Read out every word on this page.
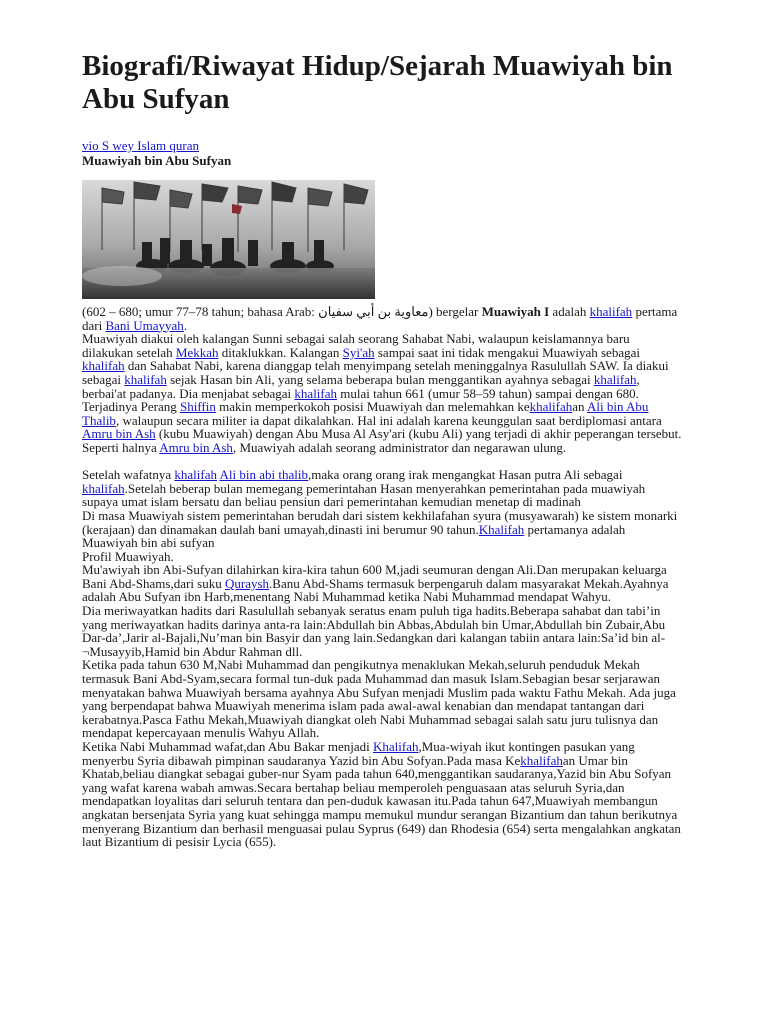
Biografi/Riwayat Hidup/Sejarah Muawiyah bin Abu Sufyan

vio S wey Islam quran

Muawiyah bin Abu Sufyan

(602 – 680; umur 77–78 tahun; bahasa Arab: معاوية بن أبي سفيان) bergelar Muawiyah I adalah khalifah pertama dari Bani Umayyah.

Muawiyah diakui oleh kalangan Sunni sebagai salah seorang Sahabat Nabi, walaupun keislamannya baru dilakukan setelah Mekkah ditaklukkan. Kalangan Syi'ah sampai saat ini tidak mengakui Muawiyah sebagai khalifah dan Sahabat Nabi, karena dianggap telah menyimpang setelah meninggalnya Rasulullah SAW. Ia diakui sebagai khalifah sejak Hasan bin Ali, yang selama beberapa bulan menggantikan ayahnya sebagai khalifah, berbai'at padanya. Dia menjabat sebagai khalifah mulai tahun 661 (umur 58–59 tahun) sampai dengan 680.

Terjadinya Perang Shiffin makin memperkokoh posisi Muawiyah dan melemahkan kekhalifahan Ali bin Abu Thalib, walaupun secara militer ia dapat dikalahkan. Hal ini adalah karena keunggulan saat berdiplomasi antara Amru bin Ash (kubu Muawiyah) dengan Abu Musa Al Asy'ari (kubu Ali) yang terjadi di akhir peperangan tersebut. Seperti halnya Amru bin Ash, Muawiyah adalah seorang administrator dan negarawan ulung.

Setelah wafatnya khalifah Ali bin abi thalib,maka orang orang irak mengangkat Hasan putra Ali sebagai khalifah.Setelah beberap bulan memegang pemerintahan Hasan menyerahkan pemerintahan pada muawiyah supaya umat islam bersatu dan beliau pensiun dari pemerintahan kemudian menetap di madinah

Di masa Muawiyah sistem pemerintahan berudah dari sistem kekhilafahan syura (musyawarah) ke sistem monarki (kerajaan) dan dinamakan daulah bani umayah,dinasti ini berumur 90 tahun.Khalifah pertamanya adalah Muawiyah bin abi sufyan

Profil Muawiyah.

Mu'awiyah ibn Abi-Sufyan dilahirkan kira-kira tahun 600 M,jadi seumuran dengan Ali.Dan merupakan keluarga Bani Abd-Shams,dari suku Quraysh.Banu Abd-Shams termasuk berpengaruh dalam masyarakat Mekah.Ayahnya adalah Abu Sufyan ibn Harb,menentang Nabi Muhammad ketika Nabi Muhammad mendapat Wahyu.

Dia meriwayatkan hadits dari Rasulullah sebanyak seratus enam puluh tiga hadits.Beberapa sahabat dan tabi’in yang meriwayatkan hadits darinya anta-ra lain:Abdullah bin Abbas,Abdulah bin Umar,Abdullah bin Zubair,Abu Dar-da’,Jarir al-Bajali,Nu’man bin Basyir dan yang lain.Sedangkan dari kalangan tabiin antara lain:Sa’id bin al-¬Musayyib,Hamid bin Abdur Rahman dll.

Ketika pada tahun 630 M,Nabi Muhammad dan pengikutnya menaklukan Mekah,seluruh penduduk Mekah termasuk Bani Abd-Syam,secara formal tun-duk pada Muhammad dan masuk Islam.Sebagian besar serjarawan menyatakan bahwa Muawiyah bersama ayahnya Abu Sufyan menjadi Muslim pada waktu Fathu Mekah. Ada juga yang berpendapat bahwa Muawiyah menerima islam pada awal-awal kenabian dan mendapat tantangan dari kerabatnya.Pasca Fathu Mekah,Muawiyah diangkat oleh Nabi Muhammad sebagai salah satu juru tulisnya dan mendapat kepercayaan menulis Wahyu Allah.

Ketika Nabi Muhammad wafat,dan Abu Bakar menjadi Khalifah,Mua-wiyah ikut kontingen pasukan yang menyerbu Syria dibawah pimpinan saudaranya Yazid bin Abu Sofyan.Pada masa Kekhalifahan Umar bin Khatab,beliau diangkat sebagai guber-nur Syam pada tahun 640,menggantikan saudaranya,Yazid bin Abu Sofyan yang wafat karena wabah amwas.Secara bertahap beliau memperoleh penguasaan atas seluruh Syria,dan mendapatkan loyalitas dari seluruh tentara dan pen-duduk kawasan itu.Pada tahun 647,Muawiyah membangun angkatan bersenjata Syria yang kuat sehingga mampu memukul mundur serangan Bizantium dan tahun berikutnya menyerang Bizantium dan berhasil menguasai pulau Syprus (649) dan Rhodesia (654) serta mengalahkan angkatan laut Bizantium di pesisir Lycia (655).
